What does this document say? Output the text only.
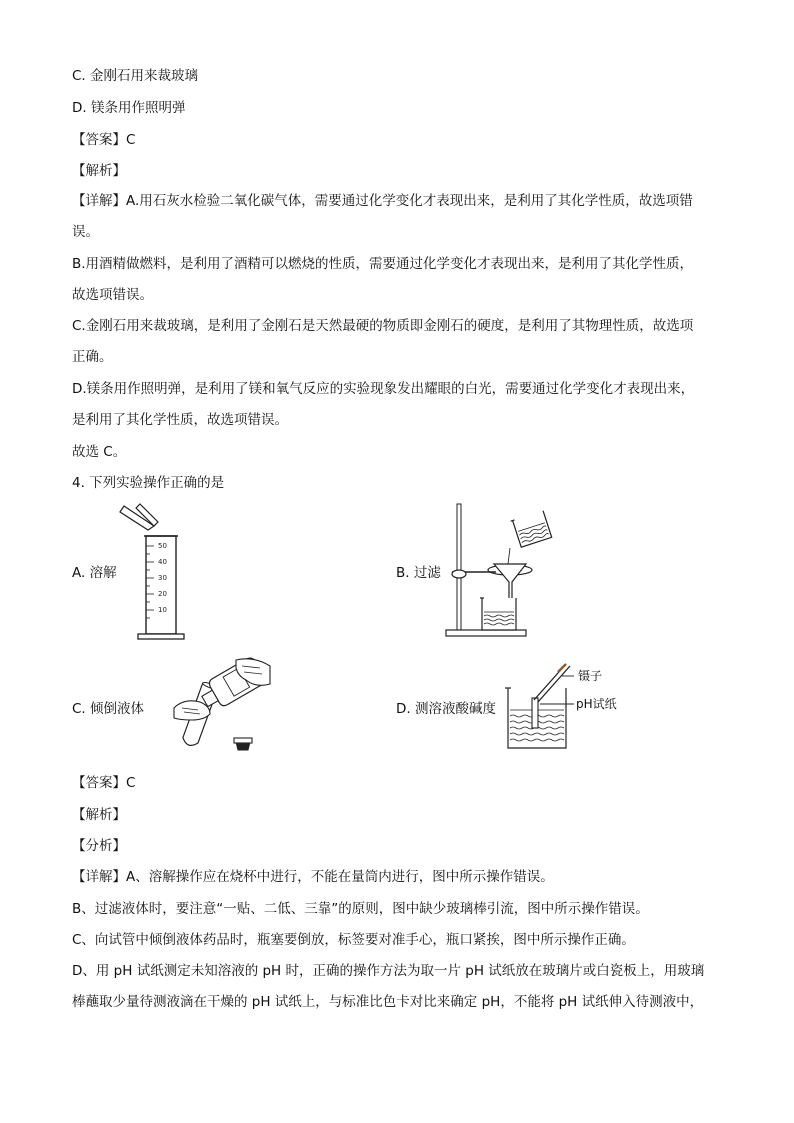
C. 金刚石用来裁玻璃
D. 镁条用作照明弹
【答案】C
【解析】
【详解】A.用石灰水检验二氧化碳气体，需要通过化学变化才表现出来，是利用了其化学性质，故选项错
误。
B.用酒精做燃料，是利用了酒精可以燃烧的性质，需要通过化学变化才表现出来，是利用了其化学性质，
故选项错误。
C.金刚石用来裁玻璃，是利用了金刚石是天然最硬的物质即金刚石的硬度，是利用了其物理性质，故选项
正确。
D.镁条用作照明弹，是利用了镁和氧气反应的实验现象发出耀眼的白光，需要通过化学变化才表现出来，
是利用了其化学性质，故选项错误。
故选 C。
4. 下列实验操作正确的是
A. 溶解
50
40
30
20
10
B. 过滤
C. 倾倒液体	D. 测溶液酸碱度
镊子
pH试纸
【答案】C
【解析】
【分析】
【详解】A、溶解操作应在烧杯中进行，不能在量筒内进行，图中所示操作错误。
B、过滤液体时，要注意“一贴、二低、三靠”的原则，图中缺少玻璃棒引流，图中所示操作错误。
C、向试管中倾倒液体药品时，瓶塞要倒放，标签要对准手心，瓶口紧挨，图中所示操作正确。
D、用 pH 试纸测定未知溶液的 pH 时，正确的操作方法为取一片 pH 试纸放在玻璃片或白瓷板上，用玻璃
棒蘸取少量待测液滴在干燥的 pH 试纸上，与标准比色卡对比来确定 pH，不能将 pH 试纸伸入待测液中，
